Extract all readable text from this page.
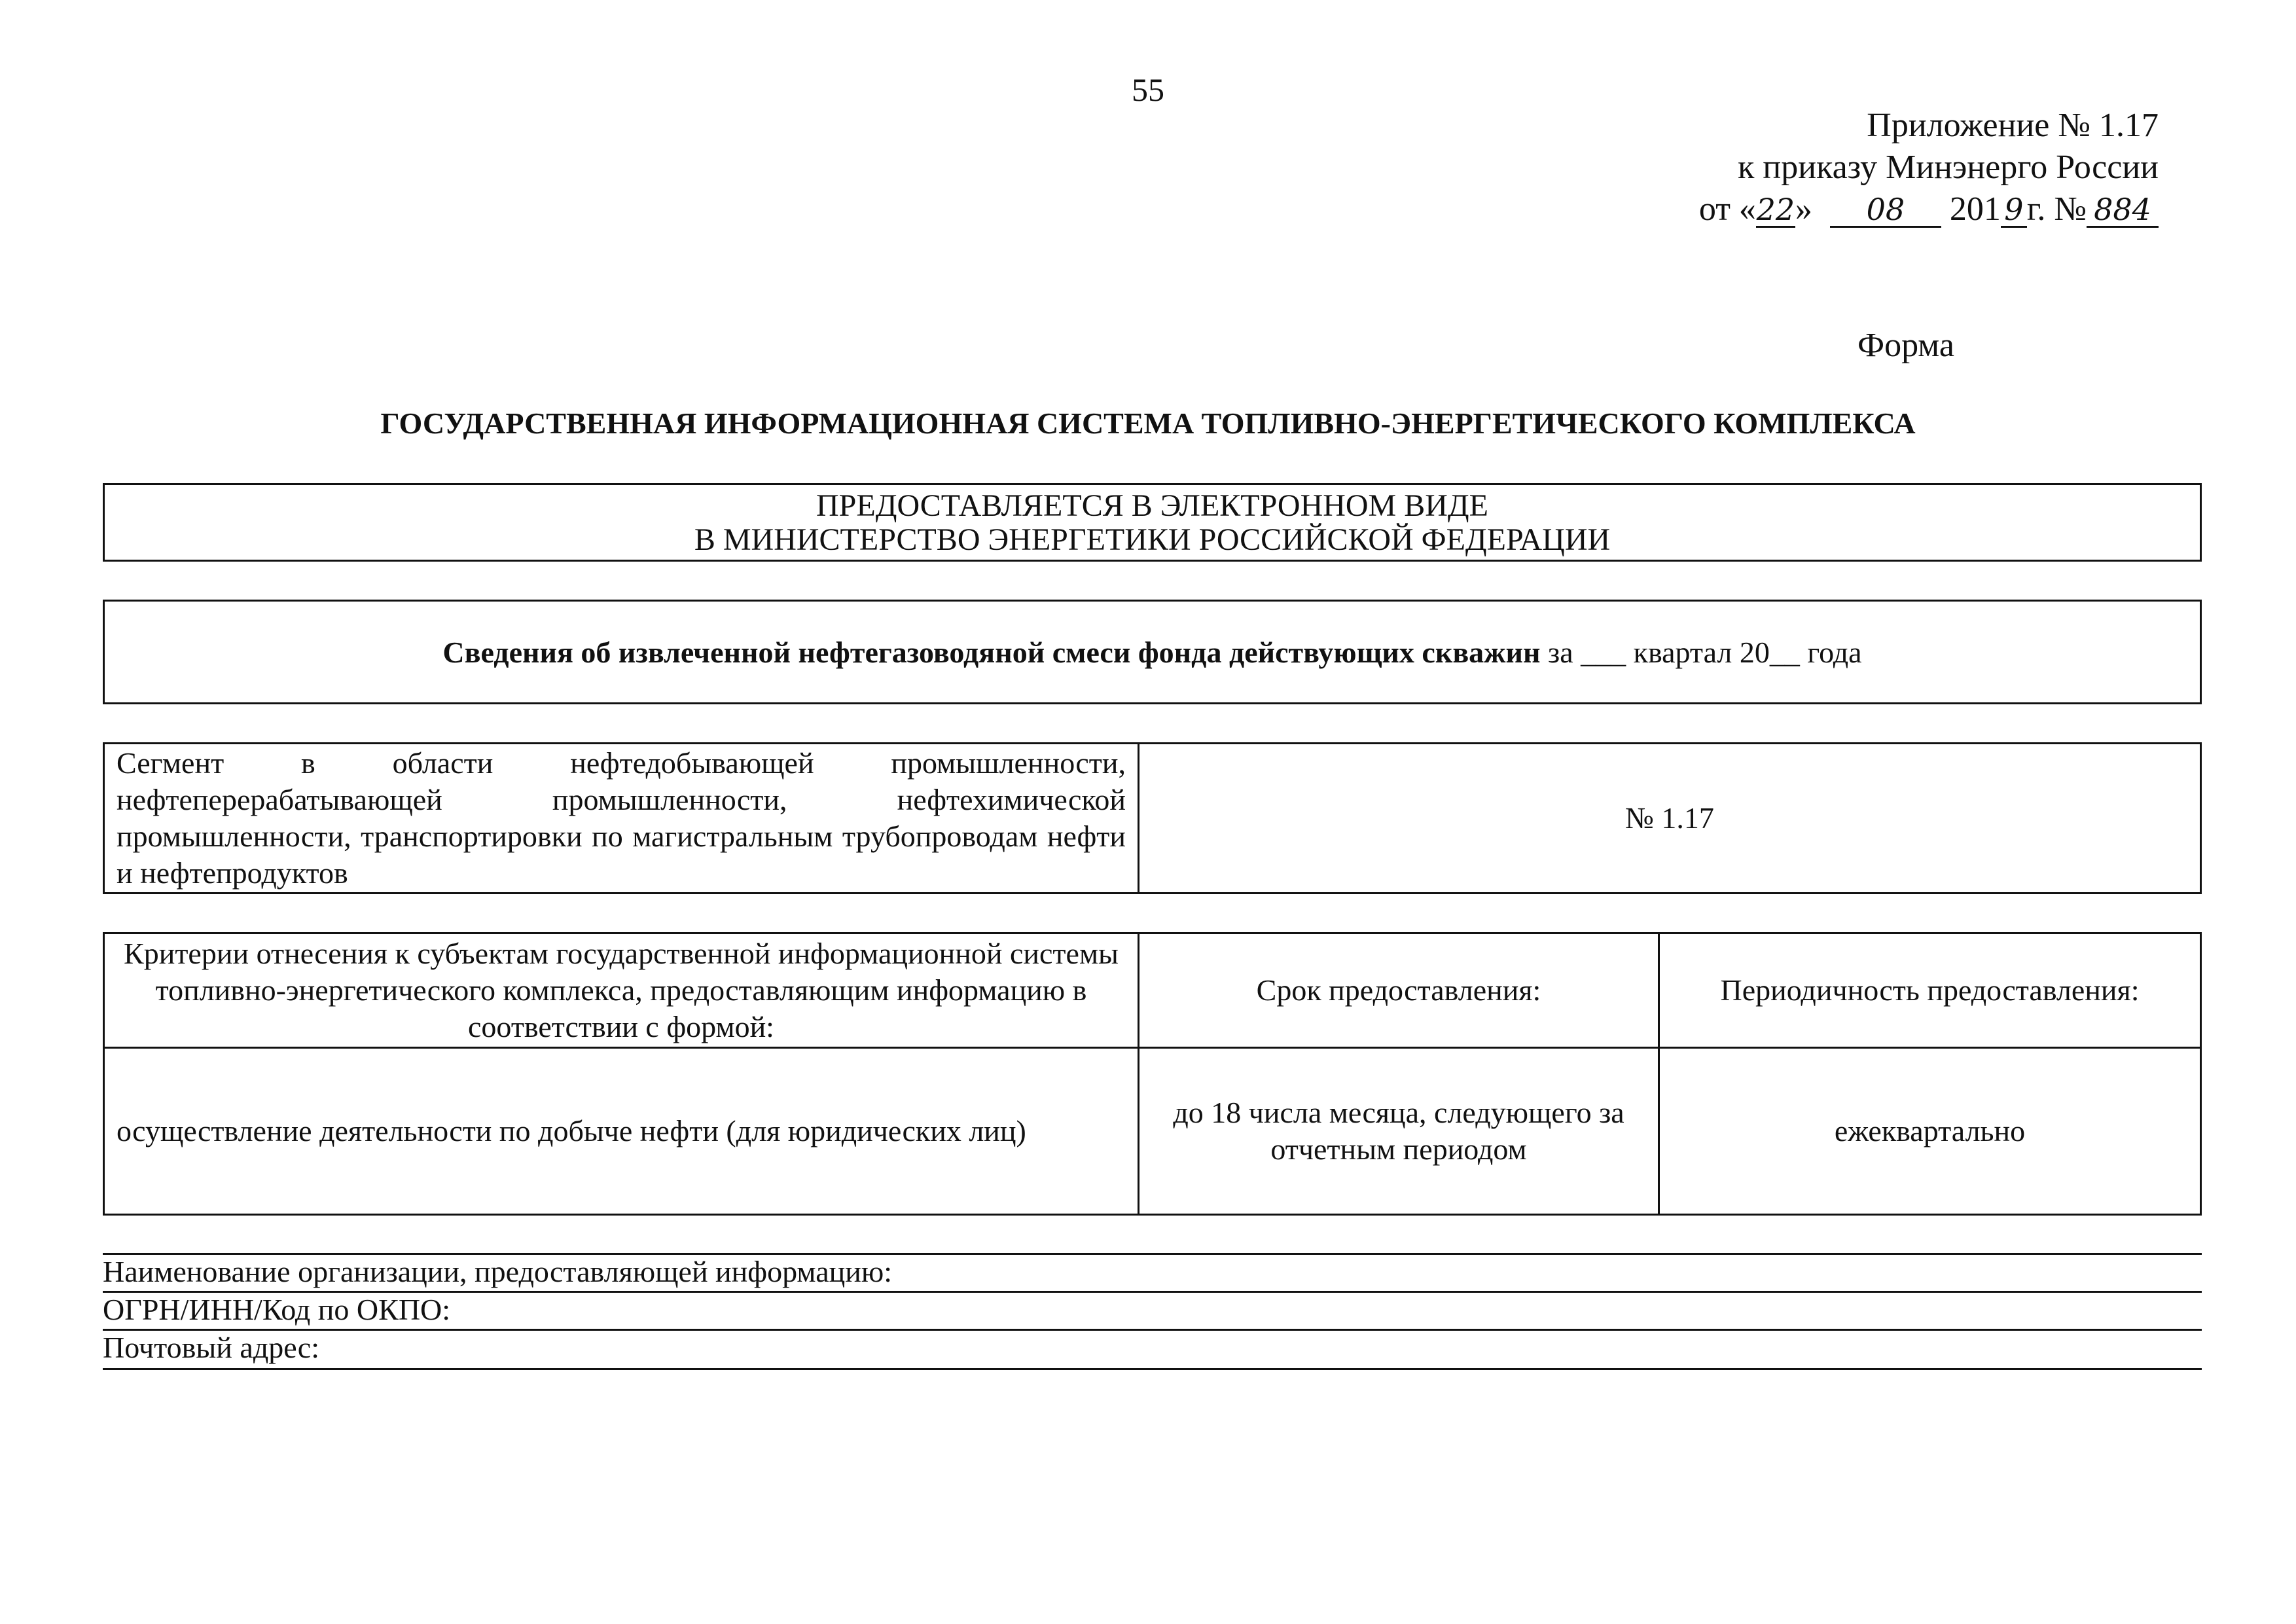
55
Приложение № 1.17
к приказу Минэнерго России
от «22» 08 201 9 г. № 884
Форма
ГОСУДАРСТВЕННАЯ ИНФОРМАЦИОННАЯ СИСТЕМА ТОПЛИВНО-ЭНЕРГЕТИЧЕСКОГО КОМПЛЕКСА
ПРЕДОСТАВЛЯЕТСЯ В ЭЛЕКТРОННОМ ВИДЕ
В МИНИСТЕРСТВО ЭНЕРГЕТИКИ РОССИЙСКОЙ ФЕДЕРАЦИИ
Сведения об извлеченной нефтегазоводяной смеси фонда действующих скважин за ___ квартал 20__ года
Сегмент в области нефтедобывающей промышленности, нефтеперерабатывающей промышленности, нефтехимической промышленности, транспортировки по магистральным трубопроводам нефти и нефтепродуктов	№ 1.17
Критерии отнесения к субъектам государственной информационной системы топливно-энергетического комплекса, предоставляющим информацию в соответствии с формой:	Срок предоставления:	Периодичность предоставления:
осуществление деятельности по добыче нефти (для юридических лиц)	до 18 числа месяца, следующего за отчетным периодом	ежеквартально
Наименование организации, предоставляющей информацию:
ОГРН/ИНН/Код по ОКПО:
Почтовый адрес:
